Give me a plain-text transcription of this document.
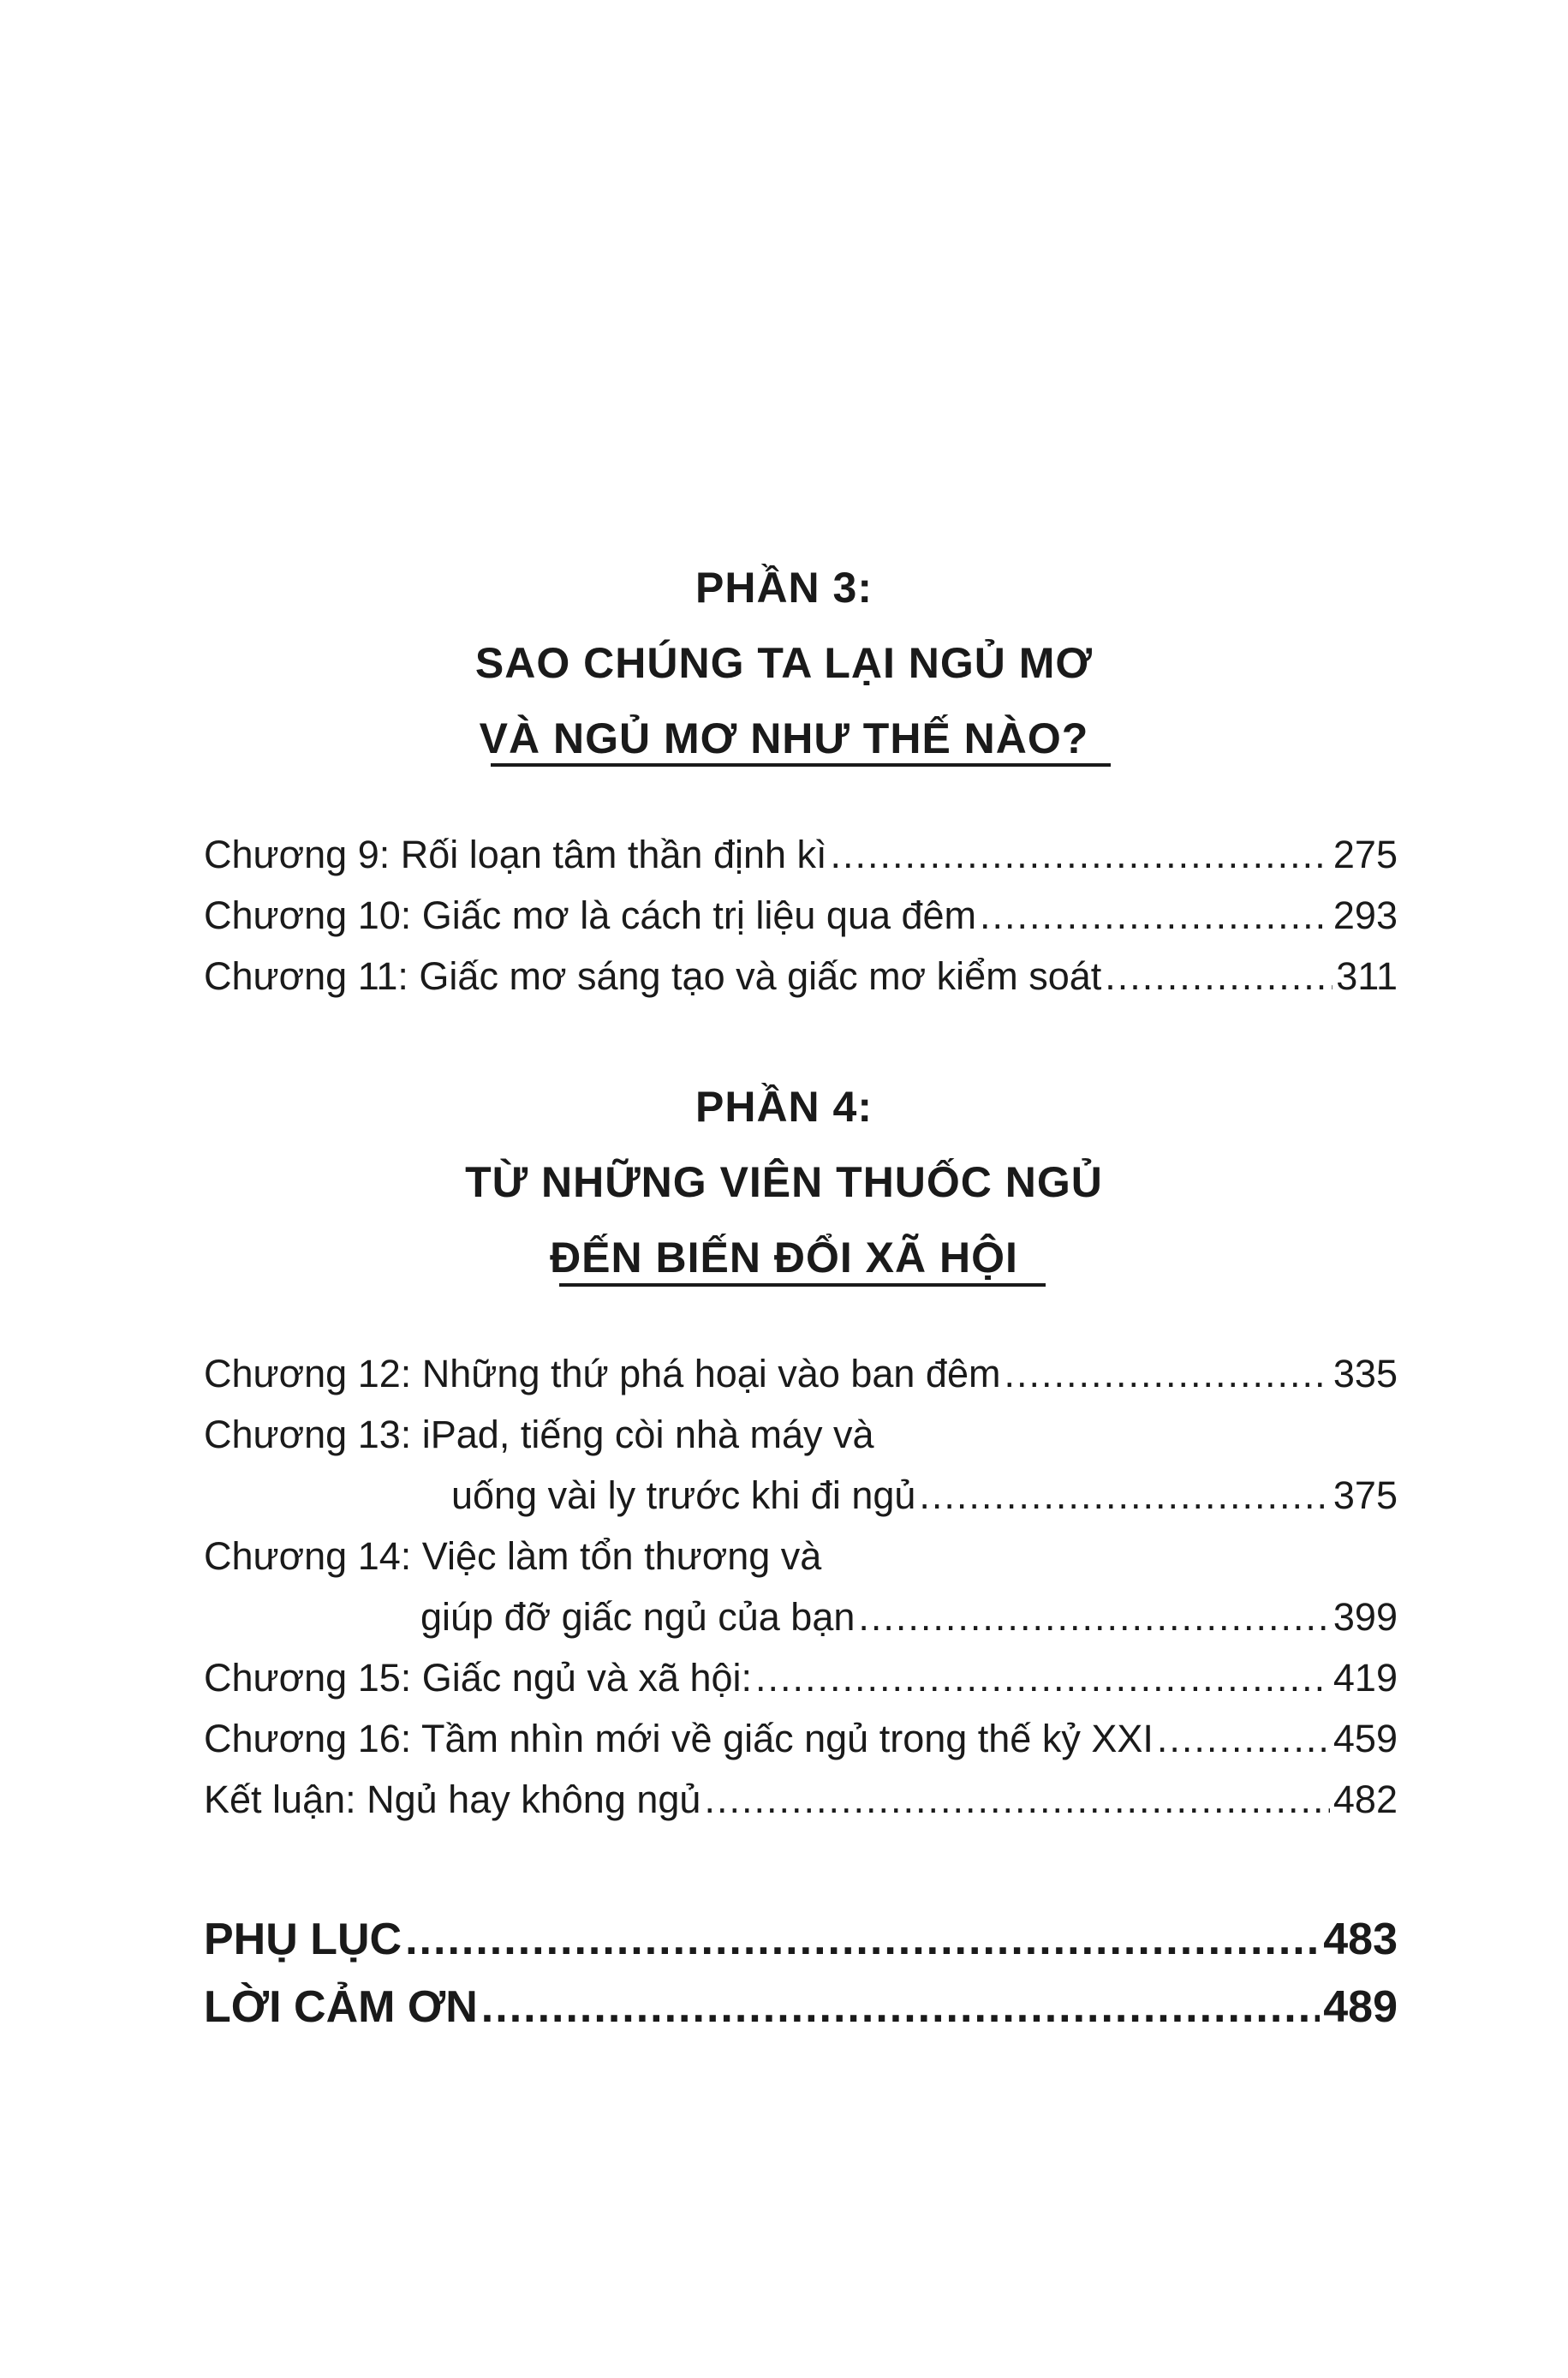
PHẦN 3:
SAO CHÚNG TA LẠI NGỦ MƠ
VÀ NGỦ MƠ NHƯ THẾ NÀO?
Chương 9: Rối loạn tâm thần định kì .....	275
Chương 10: Giấc mơ là cách trị liệu qua đêm .....	293
Chương 11: Giấc mơ sáng tạo và giấc mơ kiểm soát .....	311
PHẦN 4:
TỪ NHỮNG VIÊN THUỐC NGỦ
ĐẾN BIẾN ĐỔI XÃ HỘI
Chương 12: Những thứ phá hoại vào ban đêm .....	335
Chương 13: iPad, tiếng còi nhà máy và
uống vài ly trước khi đi ngủ .....	375
Chương 14: Việc làm tổn thương và
giúp đỡ giấc ngủ của bạn .....	399
Chương 15: Giấc ngủ và xã hội: .....	419
Chương 16: Tầm nhìn mới về giấc ngủ trong thế kỷ XXI .....	459
Kết luận: Ngủ hay không ngủ .....	482
PHỤ LỤC .....	483
LỜI CẢM ƠN .....	489
